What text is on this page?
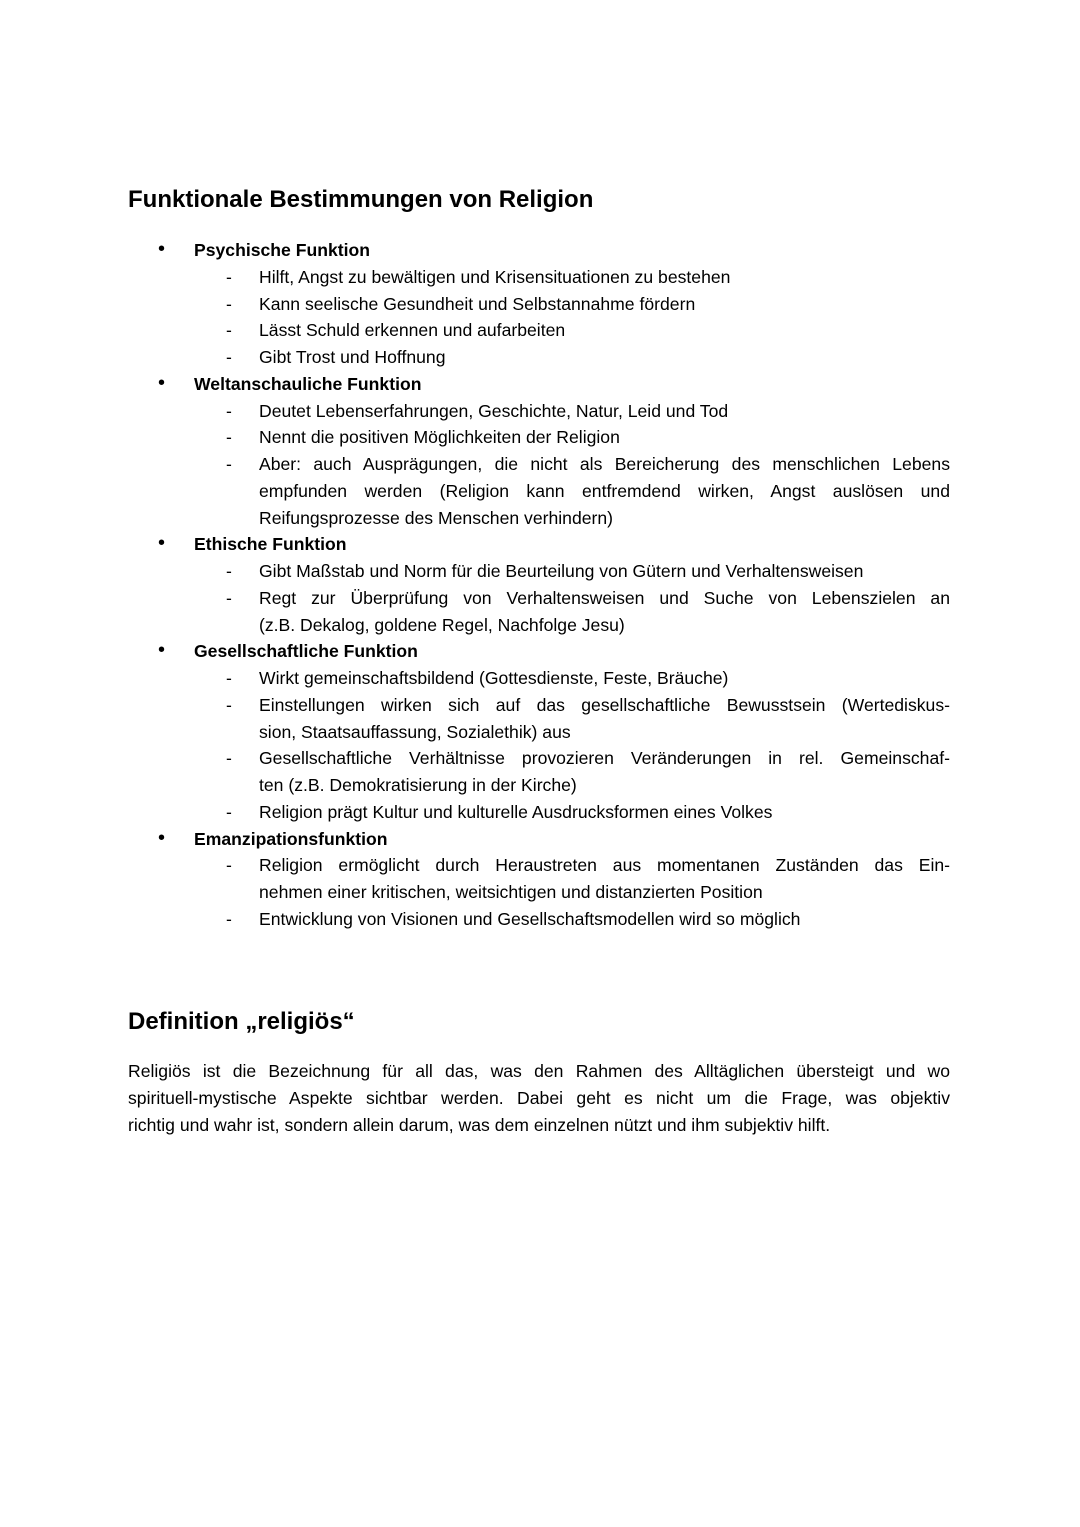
Funktionale Bestimmungen von Religion
• Psychische Funktion
- Hilft, Angst zu bewältigen und Krisensituationen zu bestehen
- Kann seelische Gesundheit und Selbstannahme fördern
- Lässt Schuld erkennen und aufarbeiten
- Gibt Trost und Hoffnung
• Weltanschauliche Funktion
- Deutet Lebenserfahrungen, Geschichte, Natur, Leid und Tod
- Nennt die positiven Möglichkeiten der Religion
- Aber: auch Ausprägungen, die nicht als Bereicherung des menschlichen Lebens
empfunden werden (Religion kann entfremdend wirken, Angst auslösen und
Reifungsprozesse des Menschen verhindern)
• Ethische Funktion
- Gibt Maßstab und Norm für die Beurteilung von Gütern und Verhaltensweisen
- Regt zur Überprüfung von Verhaltensweisen und Suche von Lebenszielen an
(z.B. Dekalog, goldene Regel, Nachfolge Jesu)
• Gesellschaftliche Funktion
- Wirkt gemeinschaftsbildend (Gottesdienste, Feste, Bräuche)
- Einstellungen wirken sich auf das gesellschaftliche Bewusstsein (Wertediskus-
sion, Staatsauffassung, Sozialethik) aus
- Gesellschaftliche Verhältnisse provozieren Veränderungen in rel. Gemeinschaf-
ten (z.B. Demokratisierung in der Kirche)
- Religion prägt Kultur und kulturelle Ausdrucksformen eines Volkes
• Emanzipationsfunktion
- Religion ermöglicht durch Heraustreten aus momentanen Zuständen das Ein-
nehmen einer kritischen, weitsichtigen und distanzierten Position
- Entwicklung von Visionen und Gesellschaftsmodellen wird so möglich
Definition „religiös“
Religiös ist die Bezeichnung für all das, was den Rahmen des Alltäglichen übersteigt und wo
spirituell-mystische Aspekte sichtbar werden. Dabei geht es nicht um die Frage, was objektiv
richtig und wahr ist, sondern allein darum, was dem einzelnen nützt und ihm subjektiv hilft.
